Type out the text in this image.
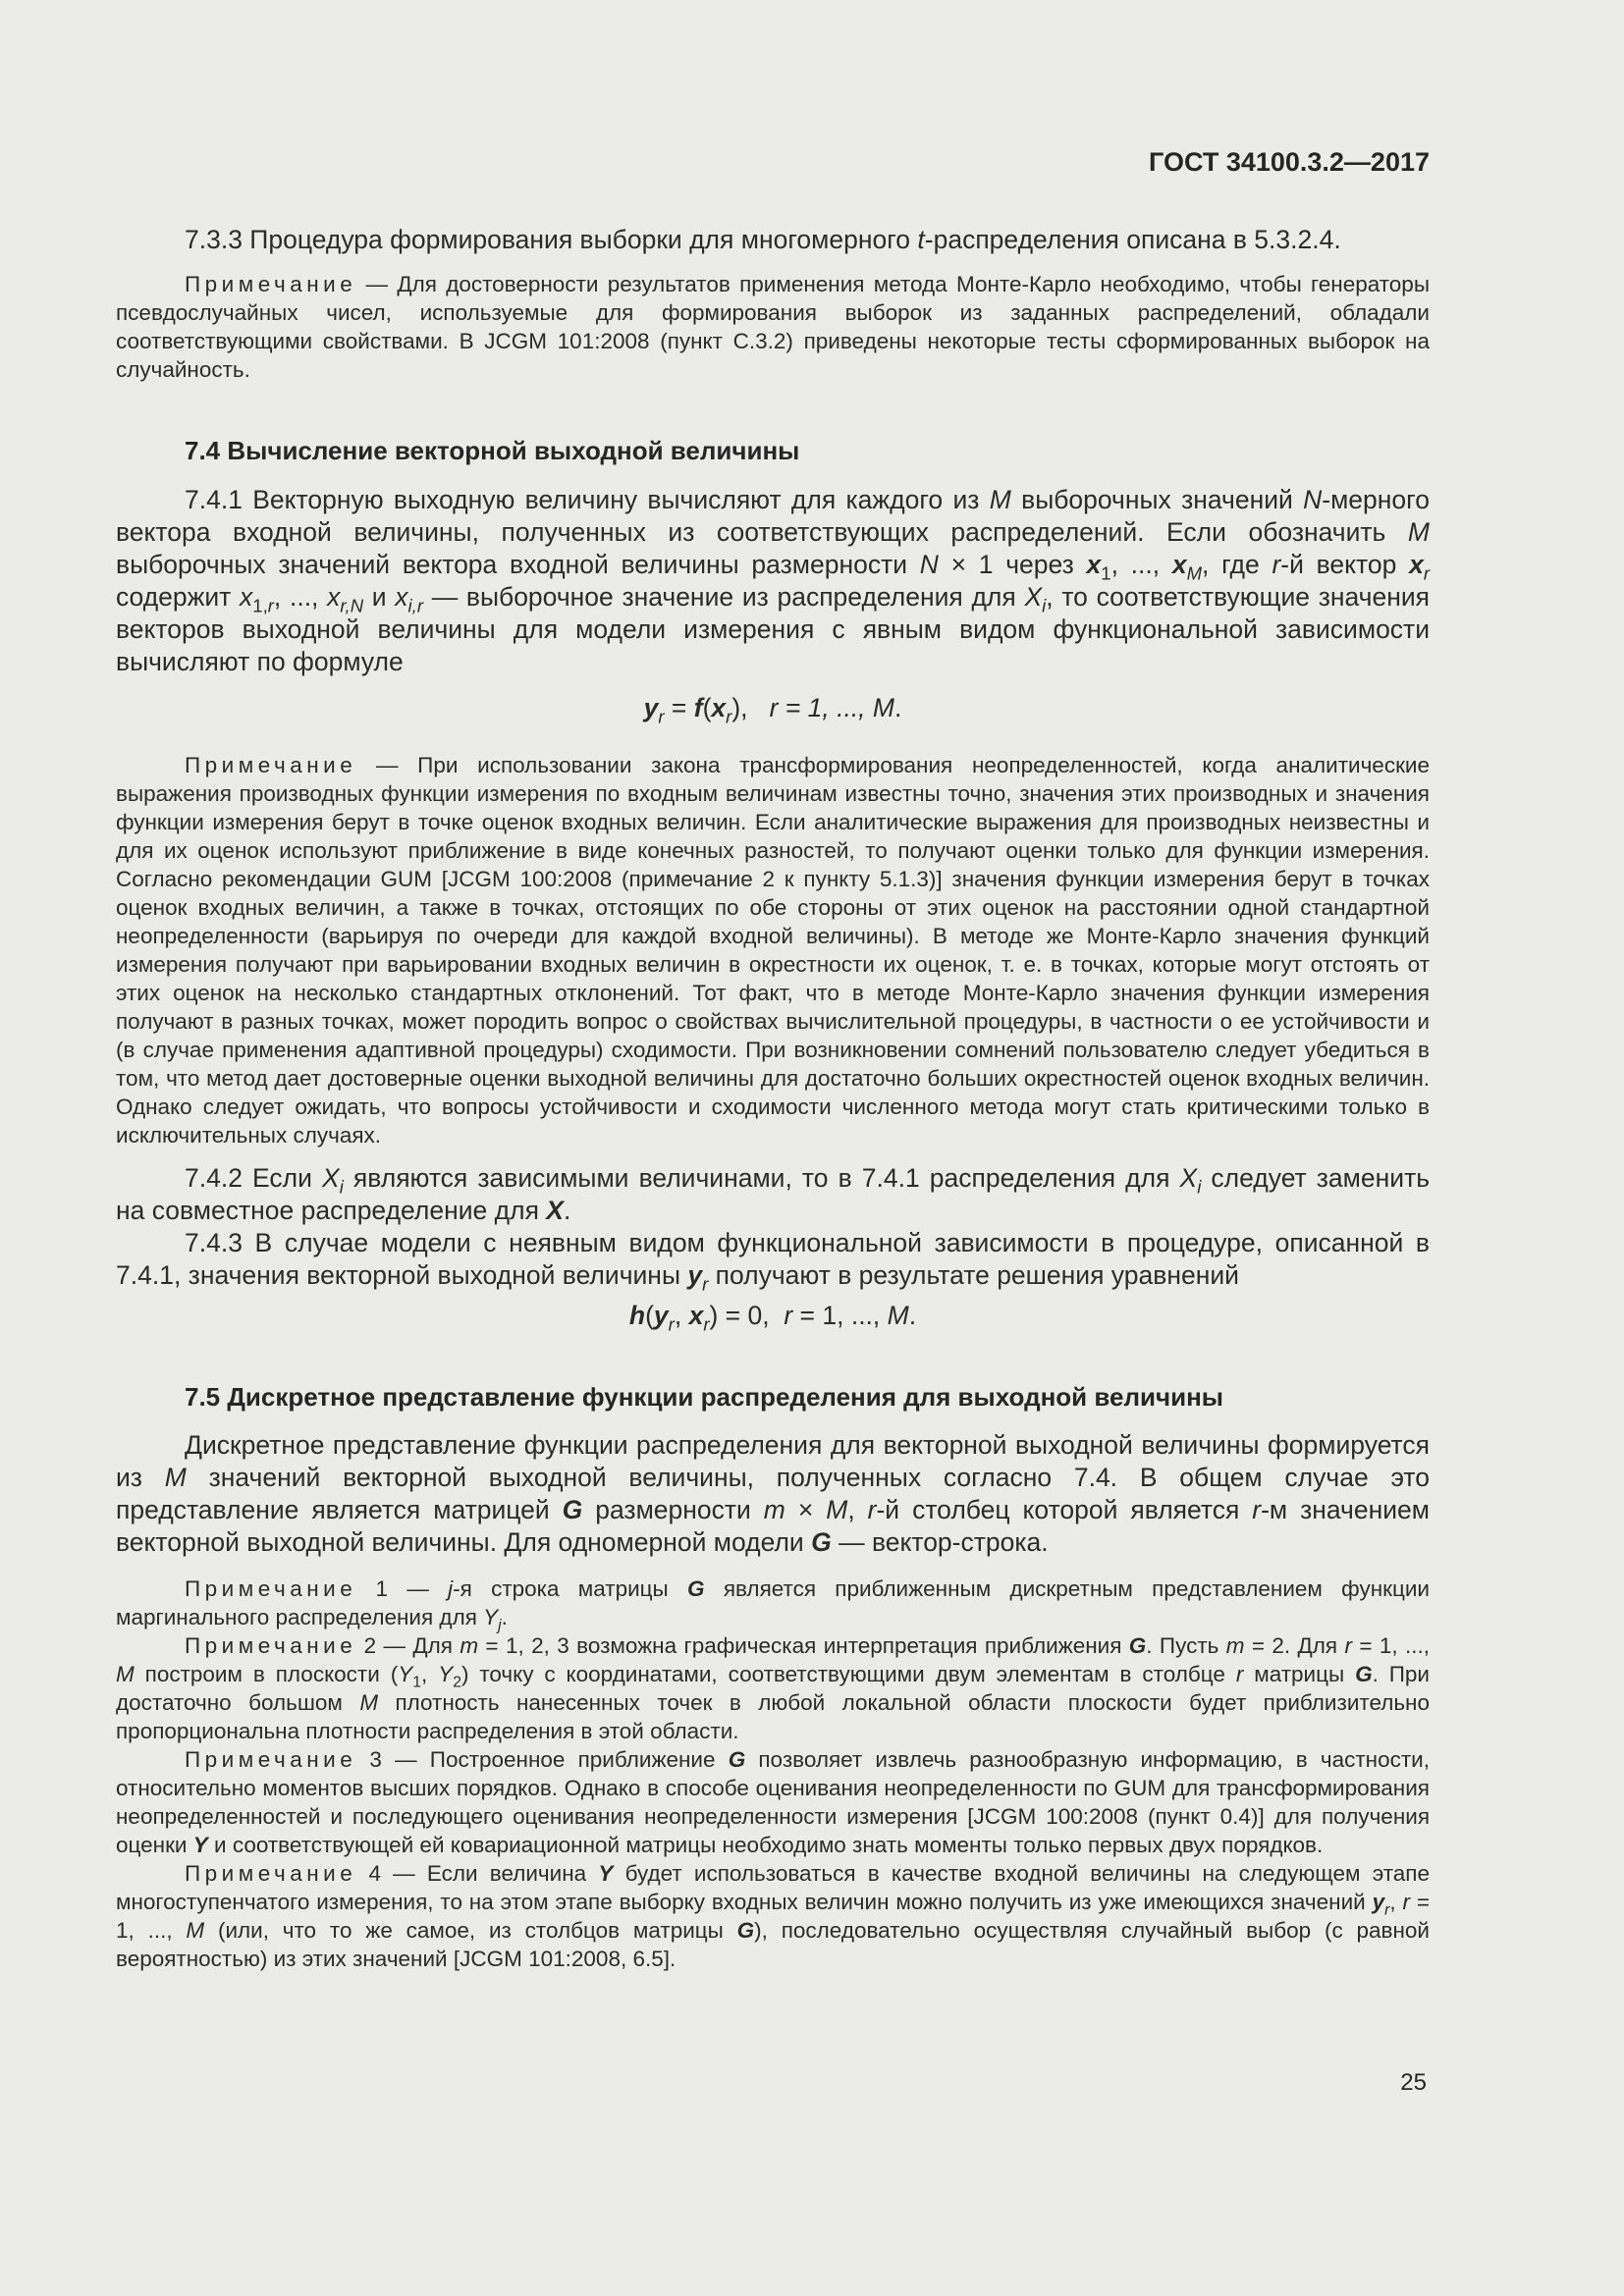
ГОСТ 34100.3.2—2017

7.3.3 Процедура формирования выборки для многомерного t-распределения описана в 5.3.2.4.

Примечание — Для достоверности результатов применения метода Монте-Карло необходимо, чтобы генераторы псевдослучайных чисел, используемые для формирования выборок из заданных распределений, обладали соответствующими свойствами. В JCGM 101:2008 (пункт С.3.2) приведены некоторые тесты сформированных выборок на случайность.

7.4 Вычисление векторной выходной величины

7.4.1 Векторную выходную величину вычисляют для каждого из M выборочных значений N-мерного вектора входной величины, полученных из соответствующих распределений. Если обозначить M выборочных значений вектора входной величины размерности N × 1 через $x_1$, ..., $x_M$, где r-й вектор $x_r$ содержит $x_{1,r}$, ..., $x_{r,N}$ и $x_{i,r}$ — выборочное значение из распределения для $X_i$, то соответствующие значения векторов выходной величины для модели измерения с явным видом функциональной зависимости вычисляют по формуле

$y_r = f(x_r)$,   r = 1, ..., M.

Примечание — При использовании закона трансформирования неопределенностей, когда аналитические выражения производных функции измерения по входным величинам известны точно, значения этих производных и значения функции измерения берут в точке оценок входных величин. Если аналитические выражения для производных неизвестны и для их оценок используют приближение в виде конечных разностей, то получают оценки только для функции измерения. Согласно рекомендации GUM [JCGM 100:2008 (примечание 2 к пункту 5.1.3)] значения функции измерения берут в точках оценок входных величин, а также в точках, отстоящих по обе стороны от этих оценок на расстоянии одной стандартной неопределенности (варьируя по очереди для каждой входной величины). В методе же Монте-Карло значения функций измерения получают при варьировании входных величин в окрестности их оценок, т. е. в точках, которые могут отстоять от этих оценок на несколько стандартных отклонений. Тот факт, что в методе Монте-Карло значения функции измерения получают в разных точках, может породить вопрос о свойствах вычислительной процедуры, в частности о ее устойчивости и (в случае применения адаптивной процедуры) сходимости. При возникновении сомнений пользователю следует убедиться в том, что метод дает достоверные оценки выходной величины для достаточно больших окрестностей оценок входных величин. Однако следует ожидать, что вопросы устойчивости и сходимости численного метода могут стать критическими только в исключительных случаях.

7.4.2 Если $X_i$ являются зависимыми величинами, то в 7.4.1 распределения для $X_i$ следует заменить на совместное распределение для X.

7.4.3 В случае модели с неявным видом функциональной зависимости в процедуре, описанной в 7.4.1, значения векторной выходной величины $y_r$ получают в результате решения уравнений

$h(y_r$, $x_r) = 0$,  r = 1, ..., M.

7.5 Дискретное представление функции распределения для выходной величины

Дискретное представление функции распределения для векторной выходной величины формируется из M значений векторной выходной величины, полученных согласно 7.4. В общем случае это представление является матрицей G размерности m × M, r-й столбец которой является r-м значением векторной выходной величины. Для одномерной модели G — вектор-строка.

Примечание 1 — j-я строка матрицы G является приближенным дискретным представлением функции маргинального распределения для $Y_j$.

Примечание 2 — Для m = 1, 2, 3 возможна графическая интерпретация приближения G. Пусть m = 2. Для r = 1, ..., M построим в плоскости ($Y_1$, $Y_2$) точку с координатами, соответствующими двум элементам в столбце r матрицы G. При достаточно большом M плотность нанесенных точек в любой локальной области плоскости будет приблизительно пропорциональна плотности распределения в этой области.

Примечание 3 — Построенное приближение G позволяет извлечь разнообразную информацию, в частности, относительно моментов высших порядков. Однако в способе оценивания неопределенности по GUM для трансформирования неопределенностей и последующего оценивания неопределенности измерения [JCGM 100:2008 (пункт 0.4)] для получения оценки Y и соответствующей ей ковариационной матрицы необходимо знать моменты только первых двух порядков.

Примечание 4 — Если величина Y будет использоваться в качестве входной величины на следующем этапе многоступенчатого измерения, то на этом этапе выборку входных величин можно получить из уже имеющихся значений $y_r$, r = 1, ..., M (или, что то же самое, из столбцов матрицы G), последовательно осуществляя случайный выбор (с равной вероятностью) из этих значений [JCGM 101:2008, 6.5].

25
